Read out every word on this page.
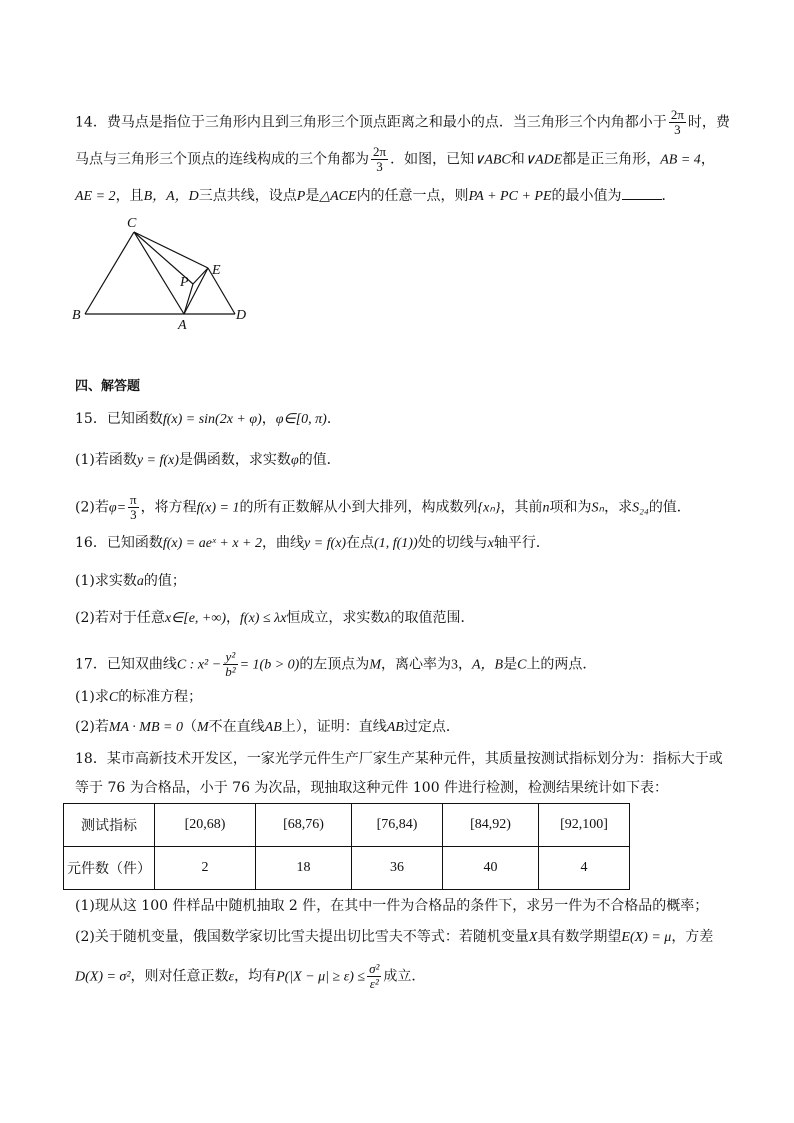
14．费马点是指位于三角形内且到三角形三个顶点距离之和最小的点．当三角形三个内角都小于 $\frac{2\pi}{3}$ 时，费
马点与三角形三个顶点的连线构成的三个角都为 $\frac{2\pi}{3}$ ．如图，已知∨ABC和∨ADE都是正三角形，AB = 4，
AE = 2，且B，A，D三点共线，设点P是△ACE内的任意一点，则PA + PC + PE的最小值为	．
C
E
P
B
A
D
四、解答题
15．已知函数f(x) = sin(2x + φ)，φ∈[0, π)．
(1)若函数y = f(x)是偶函数，求实数φ的值．
(2)若$\varphi= \frac{\pi}{3}$ ，将方程f(x) = 1的所有正数解从小到大排列，构成数列{xₙ}，其前n项和为Sₙ，求S₂₄的值．
16．已知函数f(x) = aeˣ + x + 2，曲线y = f(x)在点(1, f(1))处的切线与x轴平行．
(1)求实数a的值；
(2)若对于任意x∈[e, +∞)，f(x) ≤ λx恒成立，求实数λ的取值范围．
17．已知双曲线C : $x^2 - \frac{\text{y²}}{\text{b²}} = 1(b > 0)$的左顶点为M，离心率为3，A，B是C上的两点．
(1)求C的标准方程；
(2)若MA · MB = 0（M不在直线AB上），证明：直线AB过定点．
18．某市高新技术开发区，一家光学元件生产厂家生产某种元件，其质量按测试指标划分为：指标大于或
等于 76 为合格品，小于 76 为次品，现抽取这种元件 100 件进行检测，检测结果统计如下表：
测试指标	[20,68)	[68,76)	[76,84)	[84,92)	[92,100]
元件数（件）	2	18	36	40	4
(1)现从这 100 件样品中随机抽取 2 件，在其中一件为合格品的条件下，求另一件为不合格品的概率；
(2)关于随机变量，俄国数学家切比雪夫提出切比雪夫不等式：若随机变量X具有数学期望E(X) = μ，方差
D(X) = σ²，则对任意正数ε，均有$P(|X - \mu| \ge \varepsilon) \le \frac{\text{σ²}}{\text{ε²}}$ 成立．
